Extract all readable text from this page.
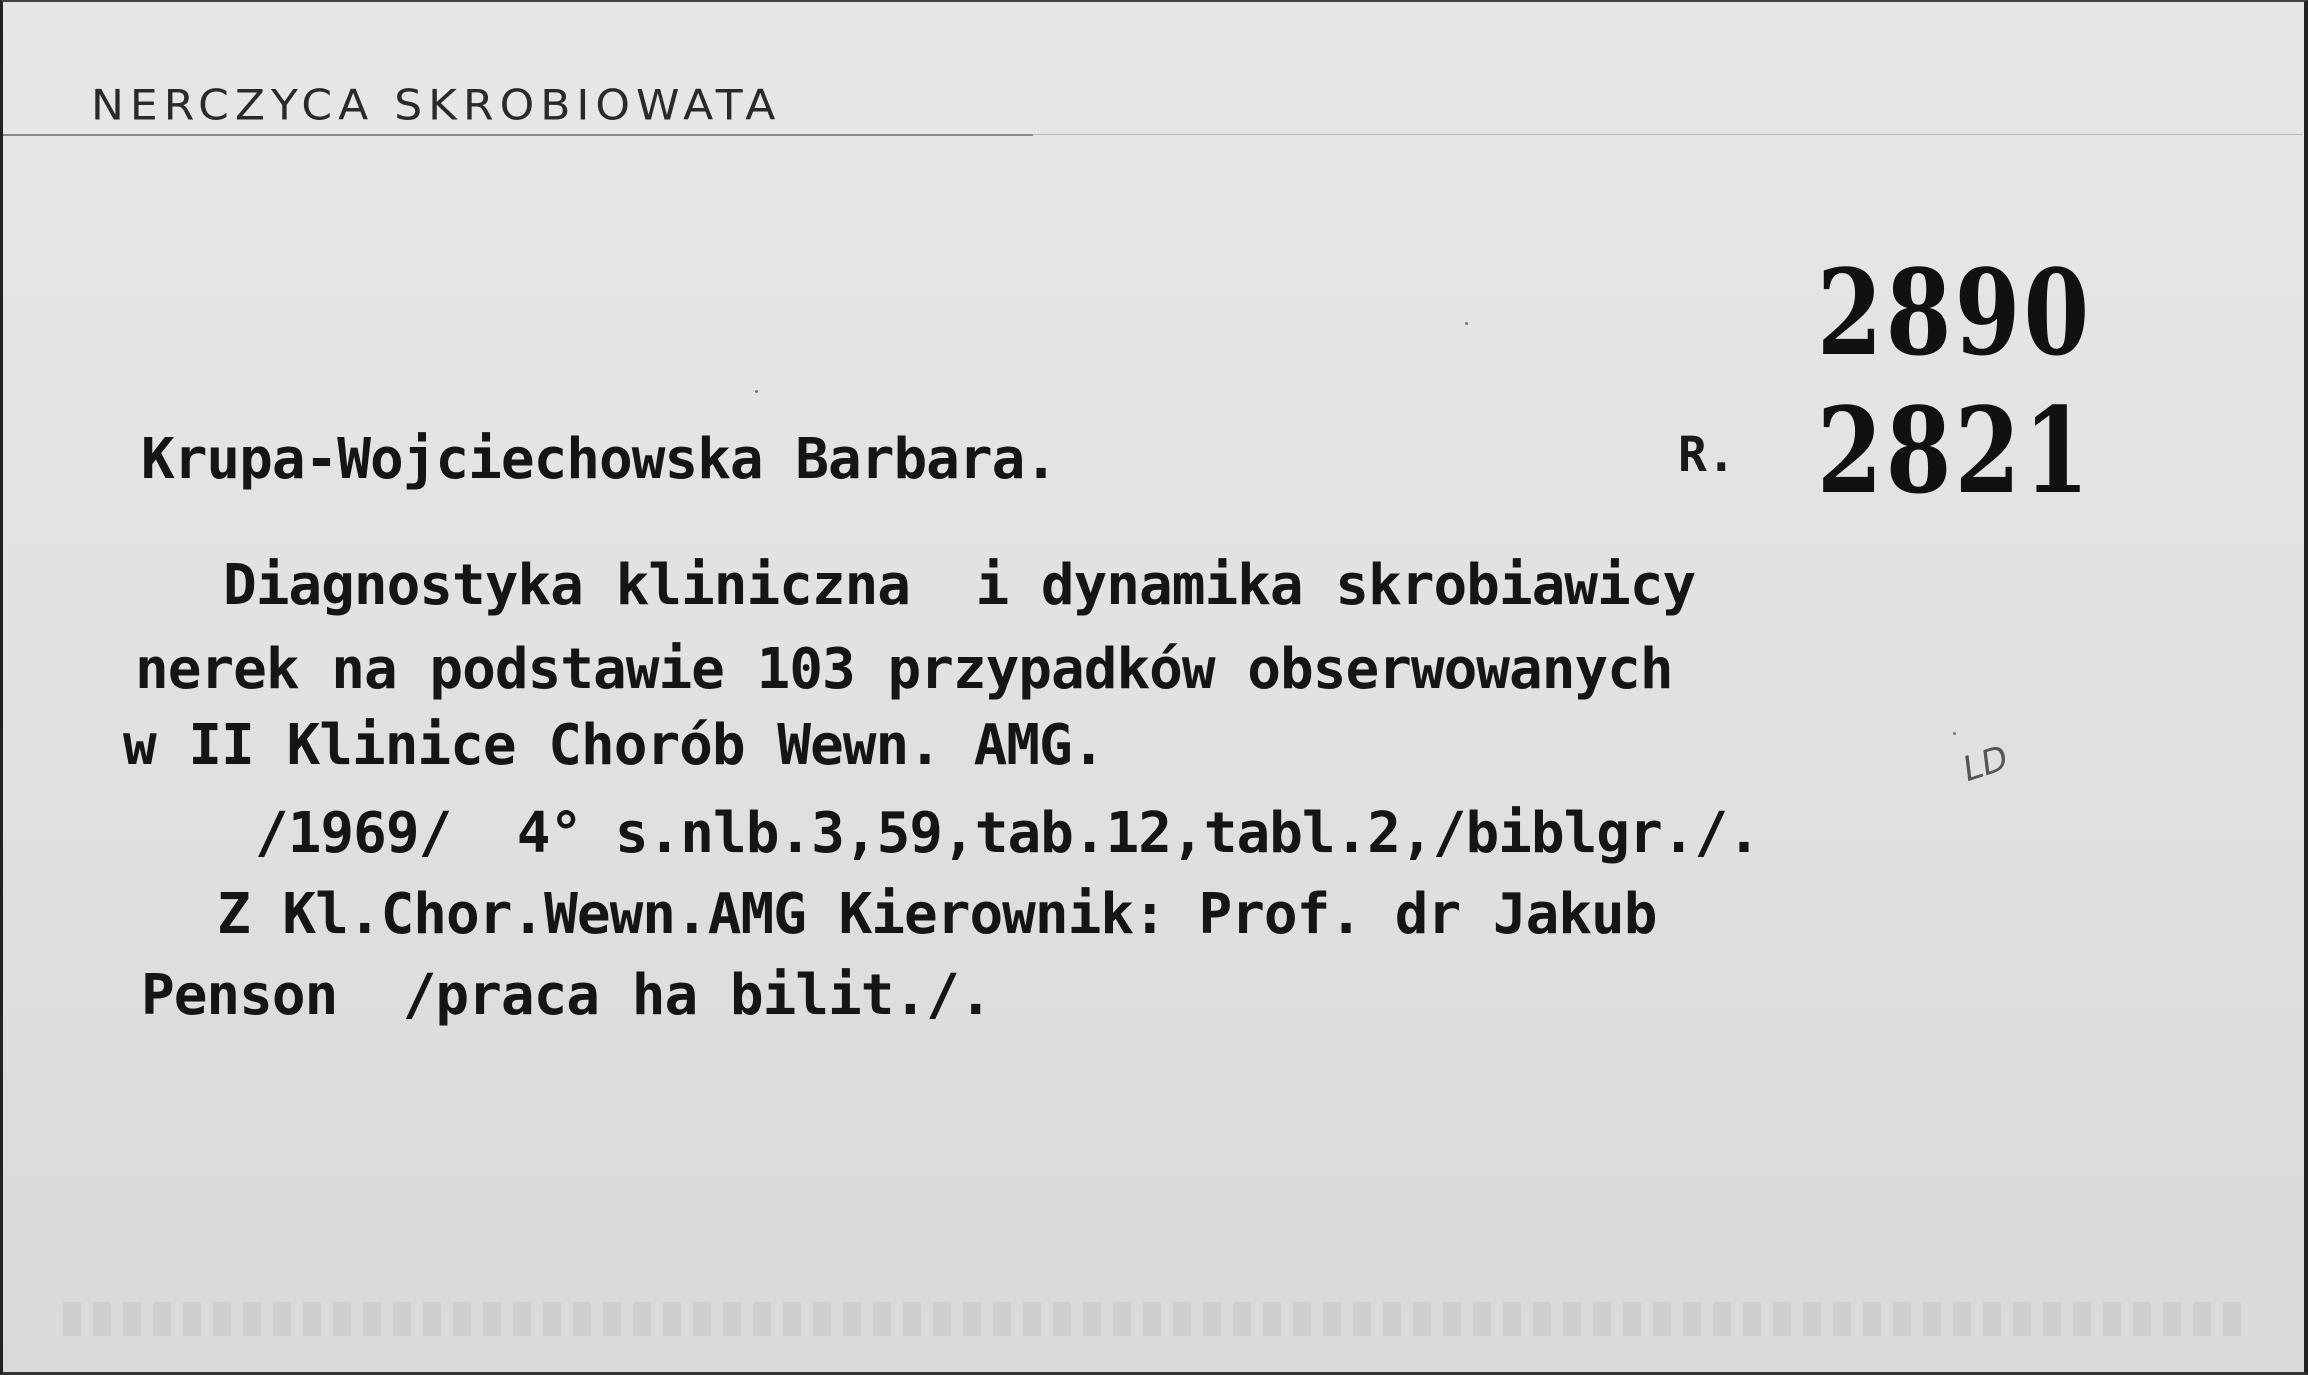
NERCZYCA SKROBIOWATA
2890
R. 2821
Krupa-Wojciechowska Barbara.
Diagnostyka kliniczna  i dynamika skrobiawicy
nerek na podstawie 103 przypadków obserwowanych
w II Klinice Chorób Wewn. AMG.
/1969/  4° s.nlb.3,59,tab.12,tabl.2,/biblgr./.
Z Kl.Chor.Wewn.AMG Kierownik: Prof. dr Jakub
Penson  /praca ha bilit./.
LD
